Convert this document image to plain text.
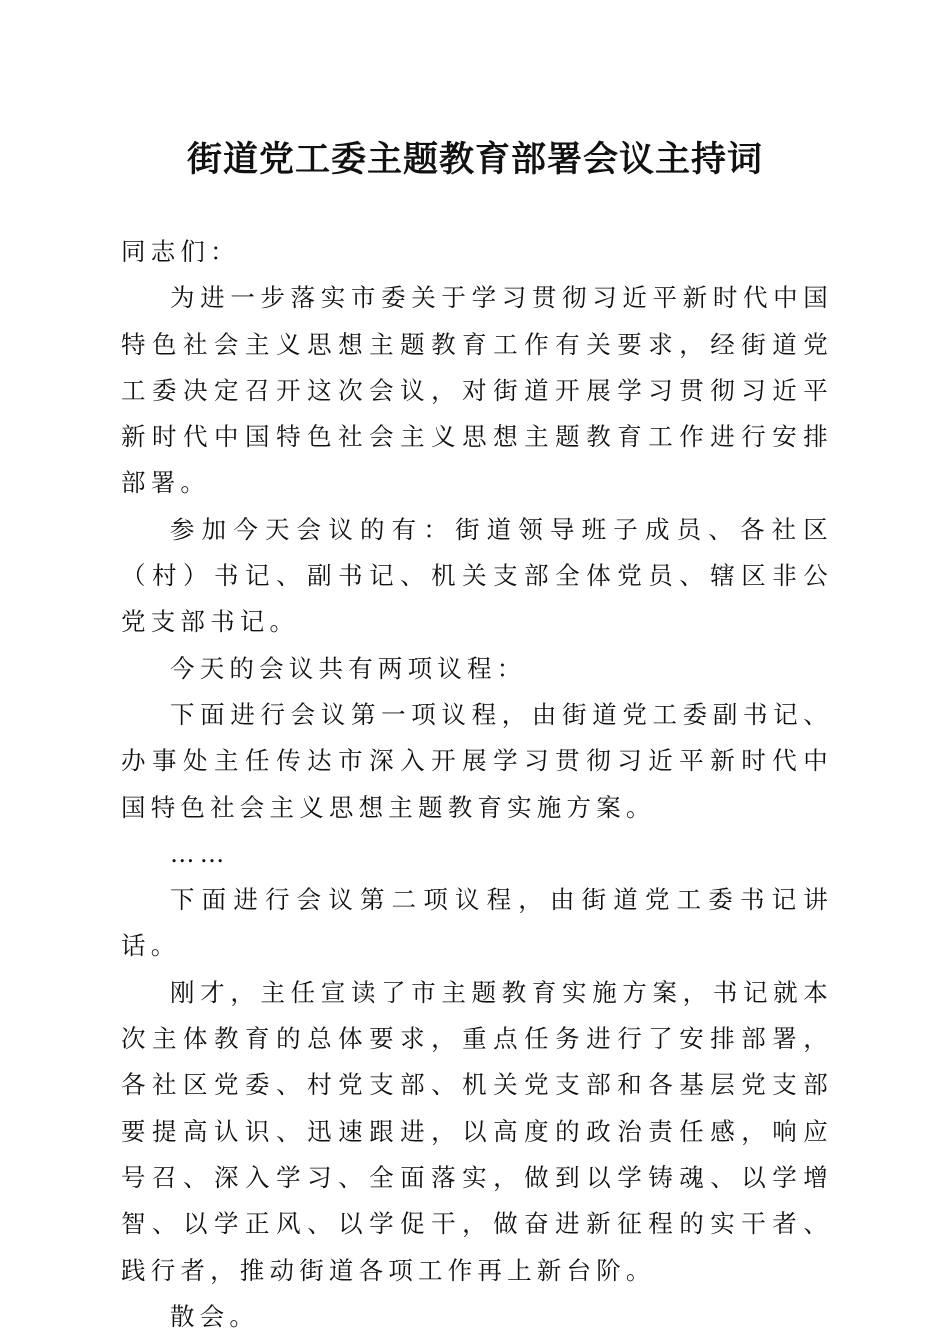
街道党工委主题教育部署会议主持词

同志们：

为进一步落实市委关于学习贯彻习近平新时代中国特色社会主义思想主题教育工作有关要求，经街道党工委决定召开这次会议，对街道开展学习贯彻习近平新时代中国特色社会主义思想主题教育工作进行安排部署。

参加今天会议的有：街道领导班子成员、各社区（村）书记、副书记、机关支部全体党员、辖区非公党支部书记。

今天的会议共有两项议程：

下面进行会议第一项议程，由街道党工委副书记、办事处主任传达市深入开展学习贯彻习近平新时代中国特色社会主义思想主题教育实施方案。

……

下面进行会议第二项议程，由街道党工委书记讲话。

刚才，主任宣读了市主题教育实施方案，书记就本次主体教育的总体要求，重点任务进行了安排部署，各社区党委、村党支部、机关党支部和各基层党支部要提高认识、迅速跟进，以高度的政治责任感，响应号召、深入学习、全面落实，做到以学铸魂、以学增智、以学正风、以学促干，做奋进新征程的实干者、践行者，推动街道各项工作再上新台阶。

散会。
